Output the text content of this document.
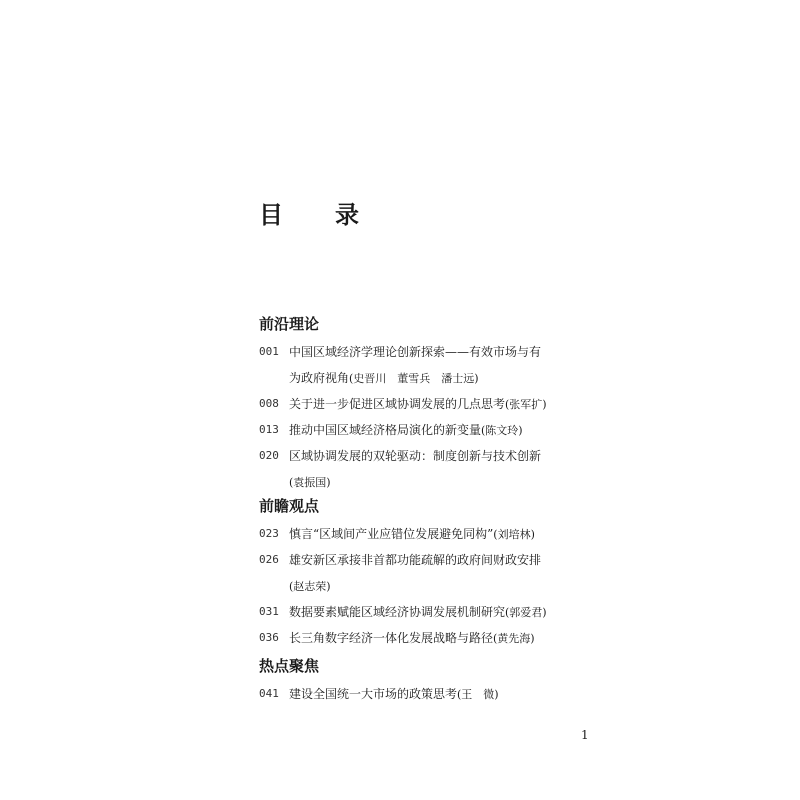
目　录
前沿理论
001 中国区域经济学理论创新探索——有效市场与有
为政府视角(史晋川　董雪兵　潘士远)
008 关于进一步促进区域协调发展的几点思考(张军扩)
013 推动中国区域经济格局演化的新变量(陈文玲)
020 区域协调发展的双轮驱动：制度创新与技术创新
(袁振国)
前瞻观点
023 慎言“区域间产业应错位发展避免同构”(刘培林)
026 雄安新区承接非首都功能疏解的政府间财政安排
(赵志荣)
031 数据要素赋能区域经济协调发展机制研究(郭爱君)
036 长三角数字经济一体化发展战略与路径(黄先海)
热点聚焦
041 建设全国统一大市场的政策思考(王　微)
1
